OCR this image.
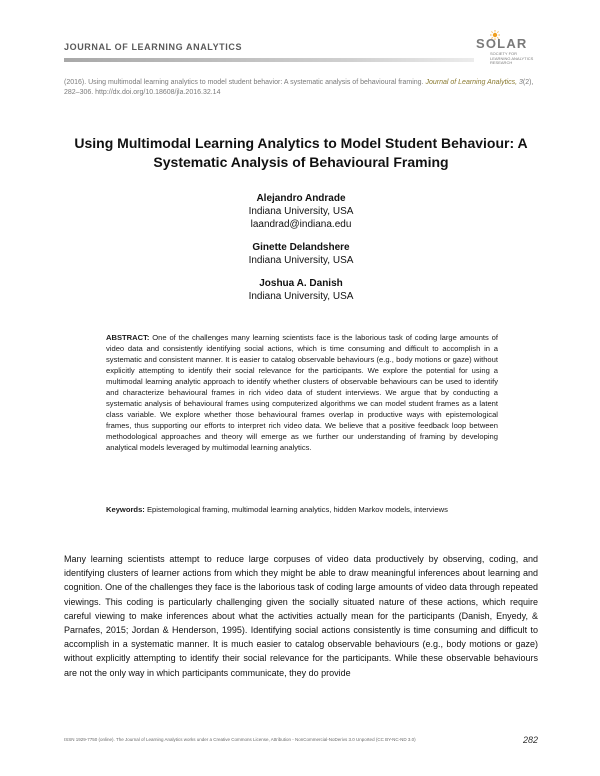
JOURNAL OF LEARNING ANALYTICS	SOLAR
SOCIETY FOR LEARNING ANALYTICS RESEARCH
(2016). Using multimodal learning analytics to model student behavior: A systematic analysis of behavioural framing. Journal of Learning Analytics, 3(2), 282–306. http://dx.doi.org/10.18608/jla.2016.32.14
Using Multimodal Learning Analytics to Model Student Behaviour: A Systematic Analysis of Behavioural Framing
Alejandro Andrade
Indiana University, USA
laandrad@indiana.edu
Ginette Delandshere
Indiana University, USA
Joshua A. Danish
Indiana University, USA
ABSTRACT: One of the challenges many learning scientists face is the laborious task of coding large amounts of video data and consistently identifying social actions, which is time consuming and difficult to accomplish in a systematic and consistent manner. It is easier to catalog observable behaviours (e.g., body motions or gaze) without explicitly attempting to identify their social relevance for the participants. We explore the potential for using a multimodal learning analytic approach to identify whether clusters of observable behaviours can be used to identify and characterize behavioural frames in rich video data of student interviews. We argue that by conducting a systematic analysis of behavioural frames using computerized algorithms we can model student frames as a latent class variable. We explore whether those behavioural frames overlap in productive ways with epistemological frames, thus supporting our efforts to interpret rich video data. We believe that a positive feedback loop between methodological approaches and theory will emerge as we further our understanding of framing by developing analytical models leveraged by multimodal learning analytics.
Keywords: Epistemological framing, multimodal learning analytics, hidden Markov models, interviews
Many learning scientists attempt to reduce large corpuses of video data productively by observing, coding, and identifying clusters of learner actions from which they might be able to draw meaningful inferences about learning and cognition. One of the challenges they face is the laborious task of coding large amounts of video data through repeated viewings. This coding is particularly challenging given the socially situated nature of these actions, which require careful viewing to make inferences about what the activities actually mean for the participants (Danish, Enyedy, & Parnafes, 2015; Jordan & Henderson, 1995). Identifying social actions consistently is time consuming and difficult to accomplish in a systematic manner. It is much easier to catalog observable behaviours (e.g., body motions or gaze) without explicitly attempting to identify their social relevance for the participants. While these observable behaviours are not the only way in which participants communicate, they do provide
ISSN 1929-7750 (online). The Journal of Learning Analytics works under a Creative Commons License, Attribution - NonCommercial-NoDerivs 3.0 Unported (CC BY-NC-ND 3.0)	282
